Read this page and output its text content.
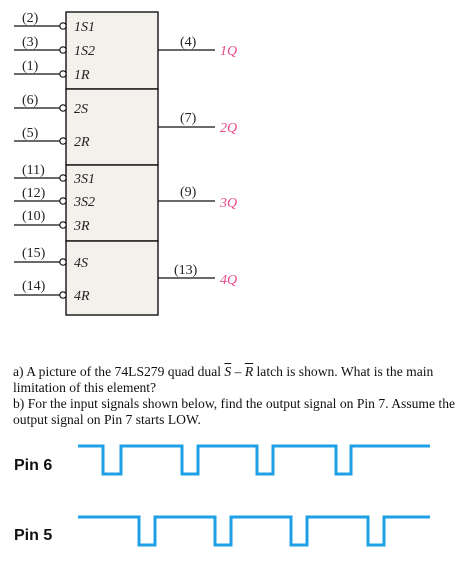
(2)
1S1
(3)
1S2
(1)
1R
(4)
1Q
(6)
2S
(5)
2R
(7)
2Q
(11)
3S1
(12)
3S2
(10)
3R
(9)
3Q
(15)
4S
(14)
4R
(13)
4Q
Pin 6
Pin 5

a) A picture of the 74LS279 quad dual $\overline{S} - \overline{R}$ latch is shown. What is the main limitation of this element?

b) For the input signals shown below, find the output signal on Pin 7. Assume the output signal on Pin 7 starts LOW.
